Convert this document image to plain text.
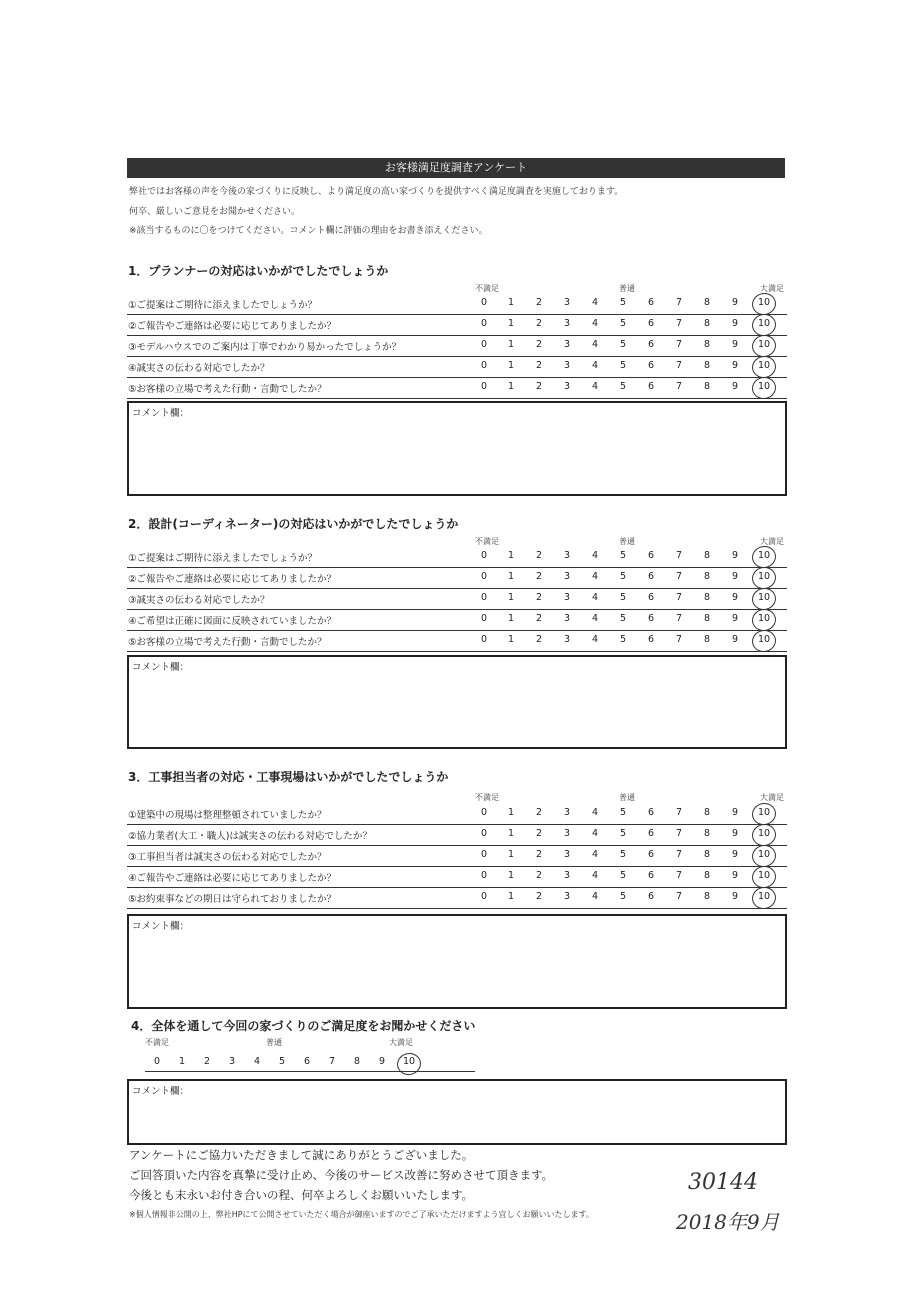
お客様満足度調査アンケート
弊社ではお客様の声を今後の家づくりに反映し、より満足度の高い家づくりを提供すべく満足度調査を実施しております。
何卒、厳しいご意見をお聞かせください。
※該当するものに〇をつけてください。コメント欄に評価の理由をお書き添えください。
1．プランナーの対応はいかがでしたでしょうか
不満足	普通	大満足
①ご提案はご期待に添えましたでしょうか？	0	1	2	3	4	5	6	7	8	9	10
②ご報告やご連絡は必要に応じてありましたか？	0	1	2	3	4	5	6	7	8	9	10
③モデルハウスでのご案内は丁寧でわかり易かったでしょうか？	0	1	2	3	4	5	6	7	8	9	10
④誠実さの伝わる対応でしたか？	0	1	2	3	4	5	6	7	8	9	10
⑤お客様の立場で考えた行動・言動でしたか？	0	1	2	3	4	5	6	7	8	9	10
コメント欄：
2．設計(コーディネーター)の対応はいかがでしたでしょうか
不満足	普通	大満足
①ご提案はご期待に添えましたでしょうか？	0	1	2	3	4	5	6	7	8	9	10
②ご報告やご連絡は必要に応じてありましたか？	0	1	2	3	4	5	6	7	8	9	10
③誠実さの伝わる対応でしたか？	0	1	2	3	4	5	6	7	8	9	10
④ご希望は正確に図面に反映されていましたか？	0	1	2	3	4	5	6	7	8	9	10
⑤お客様の立場で考えた行動・言動でしたか？	0	1	2	3	4	5	6	7	8	9	10
コメント欄：
3．工事担当者の対応・工事現場はいかがでしたでしょうか
不満足	普通	大満足
①建築中の現場は整理整頓されていましたか？	0	1	2	3	4	5	6	7	8	9	10
②協力業者(大工・職人)は誠実さの伝わる対応でしたか？	0	1	2	3	4	5	6	7	8	9	10
③工事担当者は誠実さの伝わる対応でしたか？	0	1	2	3	4	5	6	7	8	9	10
④ご報告やご連絡は必要に応じてありましたか？	0	1	2	3	4	5	6	7	8	9	10
⑤お約束事などの期日は守られておりましたか？	0	1	2	3	4	5	6	7	8	9	10
コメント欄：
4．全体を通して今回の家づくりのご満足度をお聞かせください
不満足	普通	大満足
0	1	2	3	4	5	6	7	8	9	10
コメント欄：
アンケートにご協力いただきまして誠にありがとうございました。
ご回答頂いた内容を真摯に受け止め、今後のサービス改善に努めさせて頂きます。
今後とも末永いお付き合いの程、何卒よろしくお願いいたします。
※個人情報非公開の上、弊社HPにて公開させていただく場合が御座いますのでご了承いただけますよう宜しくお願いいたします。
30144
2018年9月
